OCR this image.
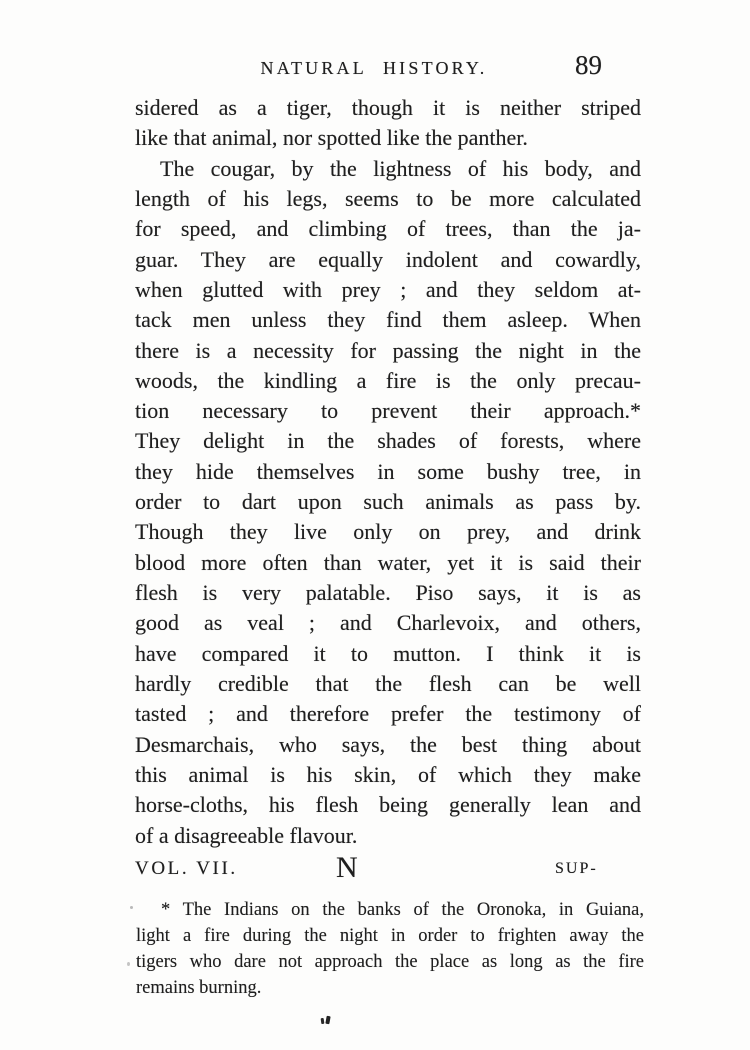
NATURAL HISTORY.	89
sidered as a tiger, though it is neither striped
like that animal, nor spotted like the panther.
The cougar, by the lightness of his body, and
length of his legs, seems to be more calculated
for speed, and climbing of trees, than the ja-
guar. They are equally indolent and cowardly,
when glutted with prey ; and they seldom at-
tack men unless they find them asleep. When
there is a necessity for passing the night in the
woods, the kindling a fire is the only precau-
tion necessary to prevent their approach.*
They delight in the shades of forests, where
they hide themselves in some bushy tree, in
order to dart upon such animals as pass by.
Though they live only on prey, and drink
blood more often than water, yet it is said their
flesh is very palatable. Piso says, it is as
good as veal ; and Charlevoix, and others,
have compared it to mutton. I think it is
hardly credible that the flesh can be well
tasted ; and therefore prefer the testimony of
Desmarchais, who says, the best thing about
this animal is his skin, of which they make
horse-cloths, his flesh being generally lean and
of a disagreeable flavour.
VOL. VII.	N	SUP-
* The Indians on the banks of the Oronoka, in Guiana,
light a fire during the night in order to frighten away the
tigers who dare not approach the place as long as the fire
remains burning.
